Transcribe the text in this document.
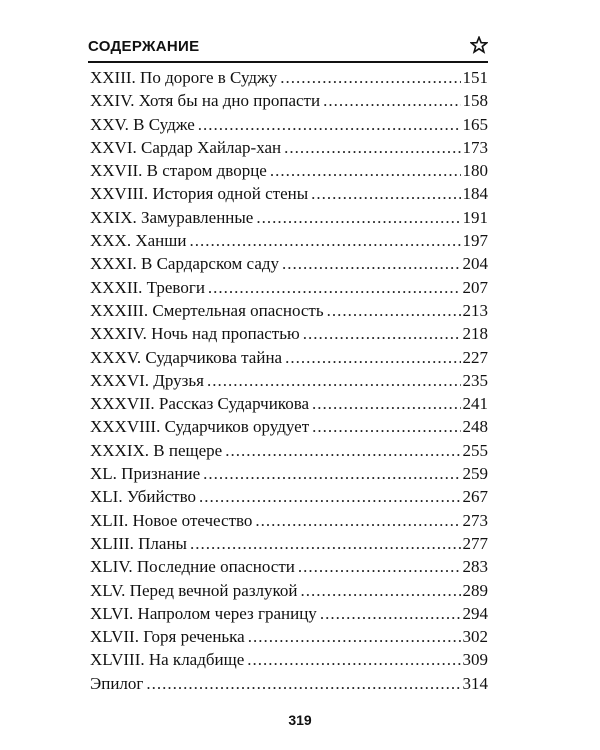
СОДЕРЖАНИЕ
XXIII. По дороге в Суджу .....	151
XXIV. Хотя бы на дно пропасти .....	158
XXV. В Судже .....	165
XXVI. Сардар Хайлар-хан .....	173
XXVII. В старом дворце .....	180
XXVIII. История одной стены .....	184
XXIX. Замуравленные .....	191
XXX. Ханши .....	197
XXXI. В Сардарском саду .....	204
XXXII. Тревоги .....	207
XXXIII. Смертельная опасность .....	213
XXXIV. Ночь над пропастью .....	218
XXXV. Сударчикова тайна .....	227
XXXVI. Друзья .....	235
XXXVII. Рассказ Сударчикова .....	241
XXXVIII. Сударчиков орудует .....	248
XXXIX. В пещере .....	255
XL. Признание .....	259
XLI. Убийство .....	267
XLII. Новое отечество .....	273
XLIII. Планы .....	277
XLIV. Последние опасности .....	283
XLV. Перед вечной разлукой .....	289
XLVI. Напролом через границу .....	294
XLVII. Горя реченька .....	302
XLVIII. На кладбище .....	309
Эпилог .....	314
319
